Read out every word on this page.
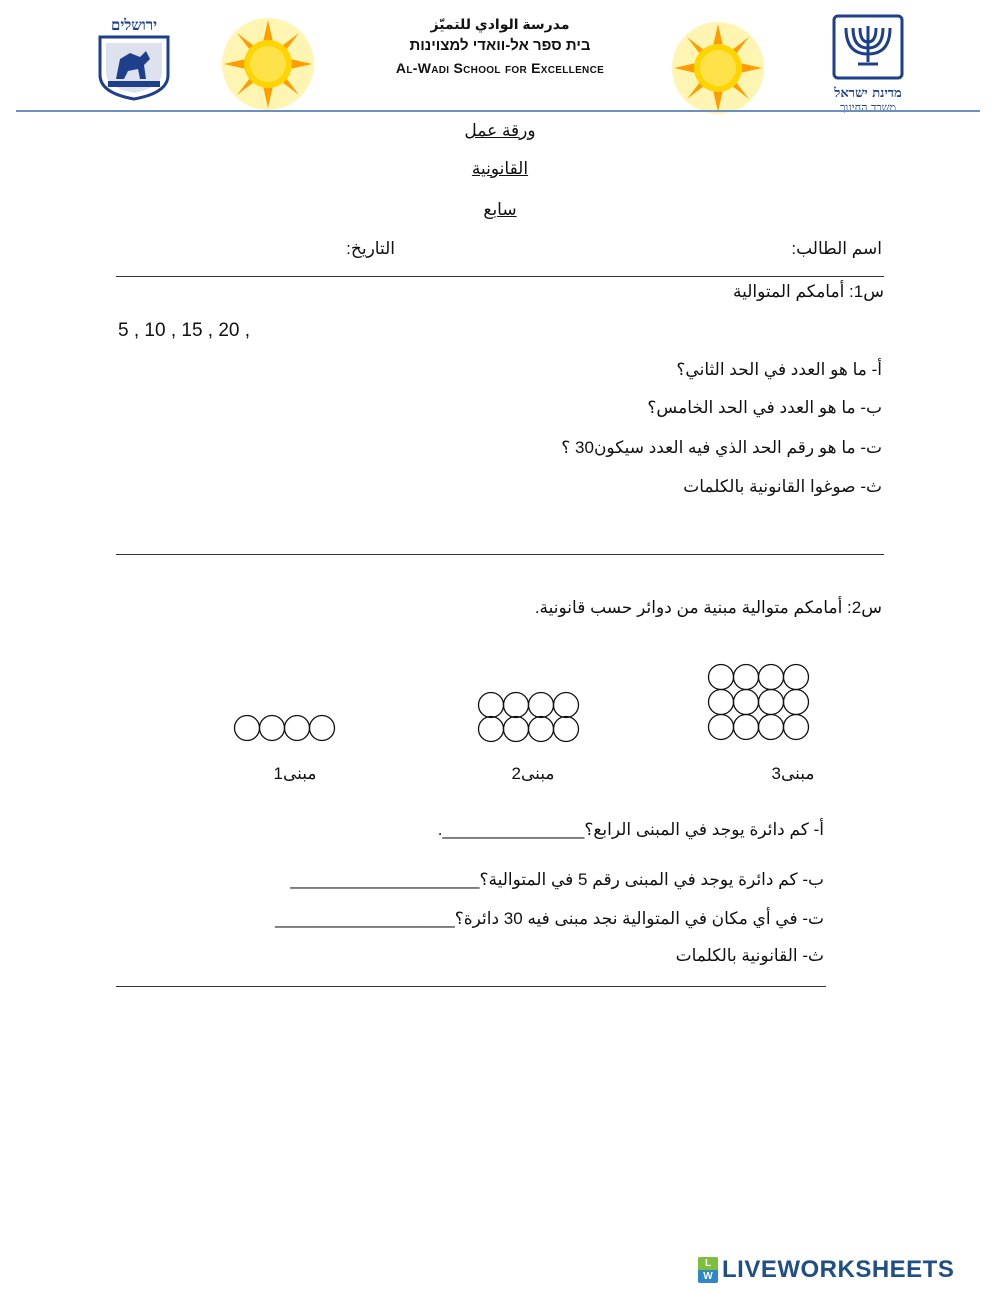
ירושלים	مدرسة الوادي للتميّز
בית ספר אל-וואדי למצוינות
Al-Wadi School for Excellence
מדינת ישראל
משרד החינוך
ورقة عمل
القانونية
سابع
اسم الطالب:
التاريخ:
س1: أمامكم المتوالية
5 , 10 , 15 , 20 ,
أ- ما هو العدد في الحد الثاني؟
ب- ما هو العدد في الحد الخامس؟
ت- ما هو رقم الحد الذي فيه العدد سيكون30 ؟
ث- صوغوا القانونية بالكلمات
س2: أمامكم متوالية مبنية من دوائر حسب قانونية.
مبنى1	مبنى2	مبنى3
أ- كم دائرة يوجد في المبنى الرابع؟_______________.
ب- كم دائرة يوجد في المبنى رقم 5 في المتوالية؟____________________
ت- في أي مكان في المتوالية نجد مبنى فيه 30 دائرة؟___________________
ث- القانونية بالكلمات
L
W LIVEWORKSHEETS
